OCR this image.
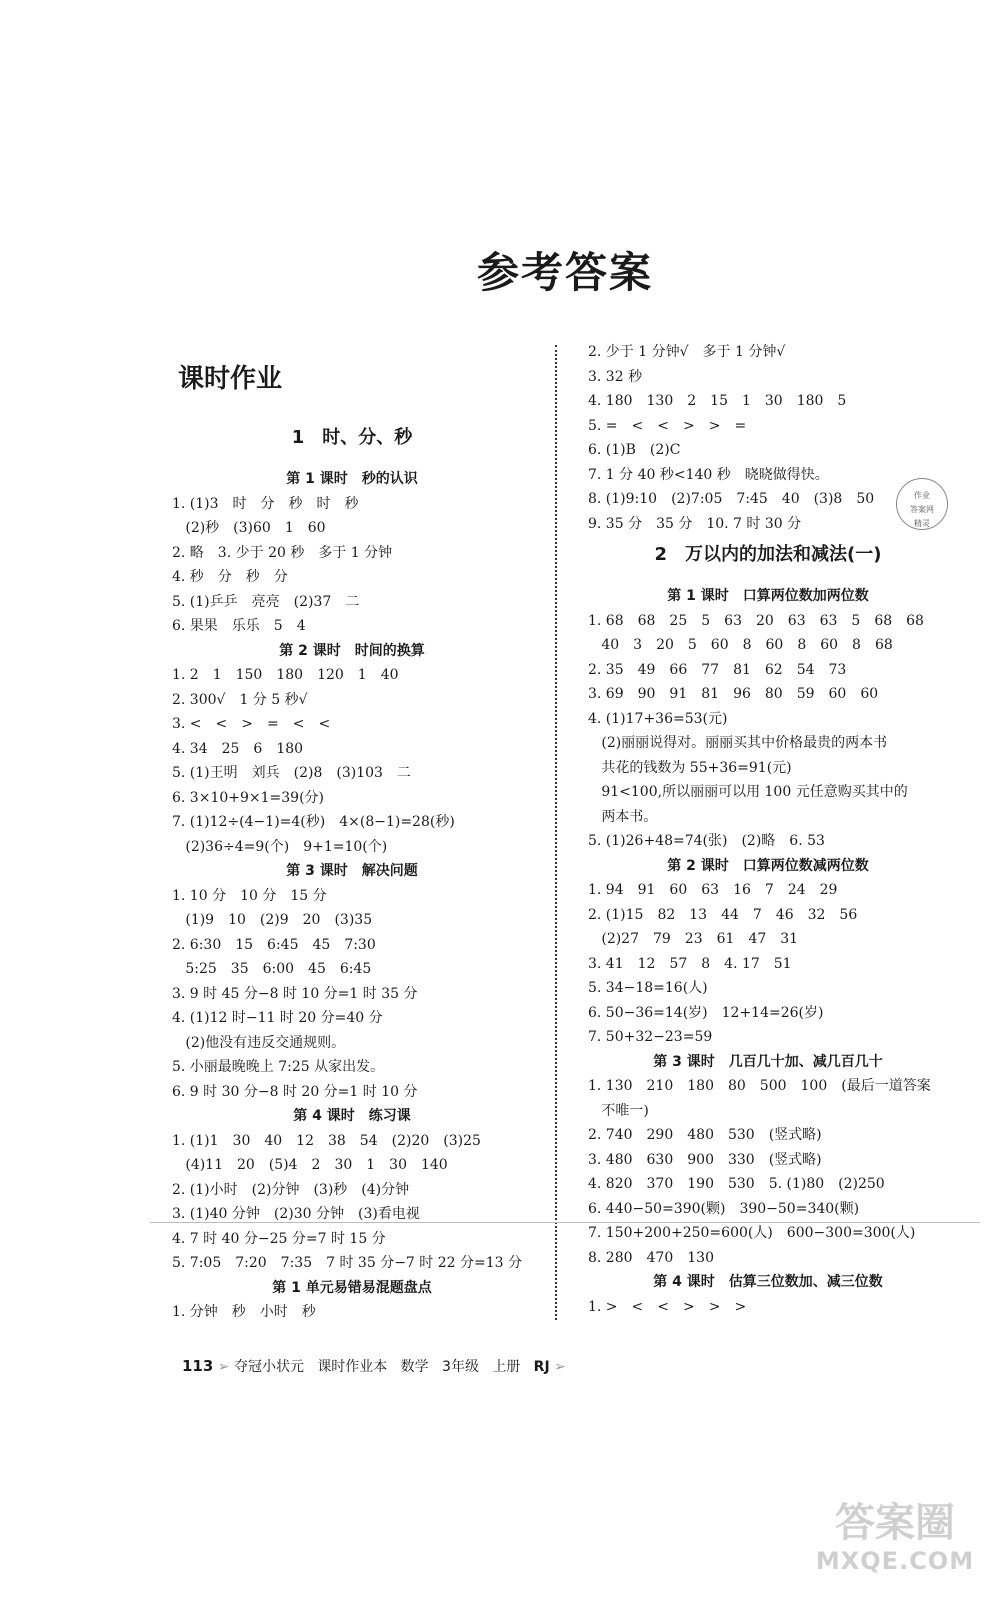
参考答案
课时作业
1　时、分、秒
第 1 课时　秒的认识
1. (1)3　时　分　秒　时　秒
(2)秒　(3)60　1　60
2. 略　3. 少于 20 秒　多于 1 分钟
4. 秒　分　秒　分
5. (1)乒乒　亮亮　(2)37　二
6. 果果　乐乐　5　4
第 2 课时　时间的换算
1. 2　1　150　180　120　1　40
2. 300√　1 分 5 秒√
3. <　<　>　=　<　<
4. 34　25　6　180
5. (1)王明　刘兵　(2)8　(3)103　二
6. 3×10+9×1=39(分)
7. (1)12÷(4−1)=4(秒)　4×(8−1)=28(秒)
(2)36÷4=9(个)　9+1=10(个)
第 3 课时　解决问题
1. 10 分　10 分　15 分
(1)9　10　(2)9　20　(3)35
2. 6:30　15　6:45　45　7:30
5:25　35　6:00　45　6:45
3. 9 时 45 分−8 时 10 分=1 时 35 分
4. (1)12 时−11 时 20 分=40 分
(2)他没有违反交通规则。
5. 小丽最晚晚上 7:25 从家出发。
6. 9 时 30 分−8 时 20 分=1 时 10 分
第 4 课时　练习课
1. (1)1　30　40　12　38　54　(2)20　(3)25
(4)11　20　(5)4　2　30　1　30　140
2. (1)小时　(2)分钟　(3)秒　(4)分钟
3. (1)40 分钟　(2)30 分钟　(3)看电视
4. 7 时 40 分−25 分=7 时 15 分
5. 7:05　7:20　7:35　7 时 35 分−7 时 22 分=13 分
第 1 单元易错易混题盘点
1. 分钟　秒　小时　秒
2. 少于 1 分钟√　多于 1 分钟√
3. 32 秒
4. 180　130　2　15　1　30　180　5
5. =　<　<　>　>　=
6. (1)B　(2)C
7. 1 分 40 秒<140 秒　晓晓做得快。
8. (1)9:10　(2)7:05　7:45　40　(3)8　50
9. 35 分　35 分　10. 7 时 30 分
2　万以内的加法和减法(一)
第 1 课时　口算两位数加两位数
1. 68　68　25　5　63　20　63　63　5　68　68
40　3　20　5　60　8　60　8　60　8　68
2. 35　49　66　77　81　62　54　73
3. 69　90　91　81　96　80　59　60　60
4. (1)17+36=53(元)
(2)丽丽说得对。丽丽买其中价格最贵的两本书
共花的钱数为 55+36=91(元)
91<100,所以丽丽可以用 100 元任意购买其中的
两本书。
5. (1)26+48=74(张)　(2)略　6. 53
第 2 课时　口算两位数减两位数
1. 94　91　60　63　16　7　24　29
2. (1)15　82　13　44　7　46　32　56
(2)27　79　23　61　47　31
3. 41　12　57　8　4. 17　51
5. 34−18=16(人)
6. 50−36=14(岁)　12+14=26(岁)
7. 50+32−23=59
第 3 课时　几百几十加、减几百几十
1. 130　210　180　80　500　100　(最后一道答案
不唯一)
2. 740　290　480　530　(竖式略)
3. 480　630　900　330　(竖式略)
4. 820　370　190　530　5. (1)80　(2)250
6. 440−50=390(颗)　390−50=340(颗)
7. 150+200+250=600(人)　600−300=300(人)
8. 280　470　130
第 4 课时　估算三位数加、减三位数
1. >　<　<　>　>　>
作业
答案网
精灵
113 ➢ 夺冠小状元 课时作业本 数学 3年级 上册 RJ ➢
答案圈
MXQE.COM
